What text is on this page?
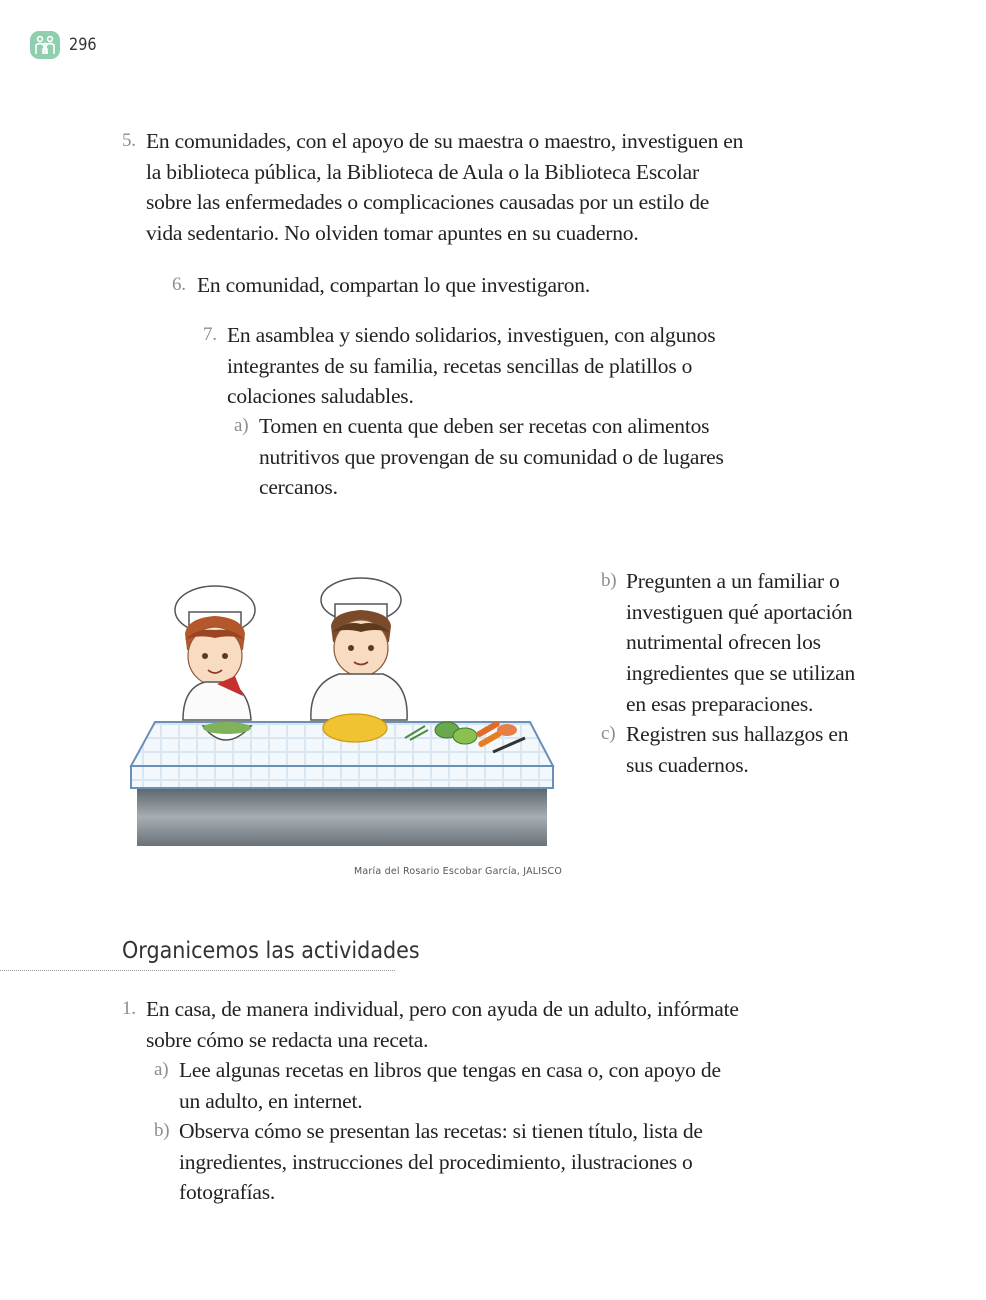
296
5. En comunidades, con el apoyo de su maestra o maestro, investiguen en la biblioteca pública, la Biblioteca de Aula o la Biblioteca Escolar sobre las enfermedades o complicaciones causadas por un estilo de vida sedentario. No olviden tomar apuntes en su cuaderno.
6. En comunidad, compartan lo que investigaron.
7. En asamblea y siendo solidarios, investiguen, con algunos integrantes de su familia, recetas sencillas de platillos o colaciones saludables.
a) Tomen en cuenta que deben ser recetas con alimentos nutritivos que provengan de su comunidad o de lugares cercanos.
María del Rosario Escobar García, JALISCO
b) Pregunten a un familiar o investiguen qué aportación nutrimental ofrecen los ingredientes que se utilizan en esas preparaciones.
c) Registren sus hallazgos en sus cuadernos.
Organicemos las actividades
1. En casa, de manera individual, pero con ayuda de un adulto, infórmate sobre cómo se redacta una receta.
a) Lee algunas recetas en libros que tengas en casa o, con apoyo de un adulto, en internet.
b) Observa cómo se presentan las recetas: si tienen título, lista de ingredientes, instrucciones del procedimiento, ilustraciones o fotografías.
